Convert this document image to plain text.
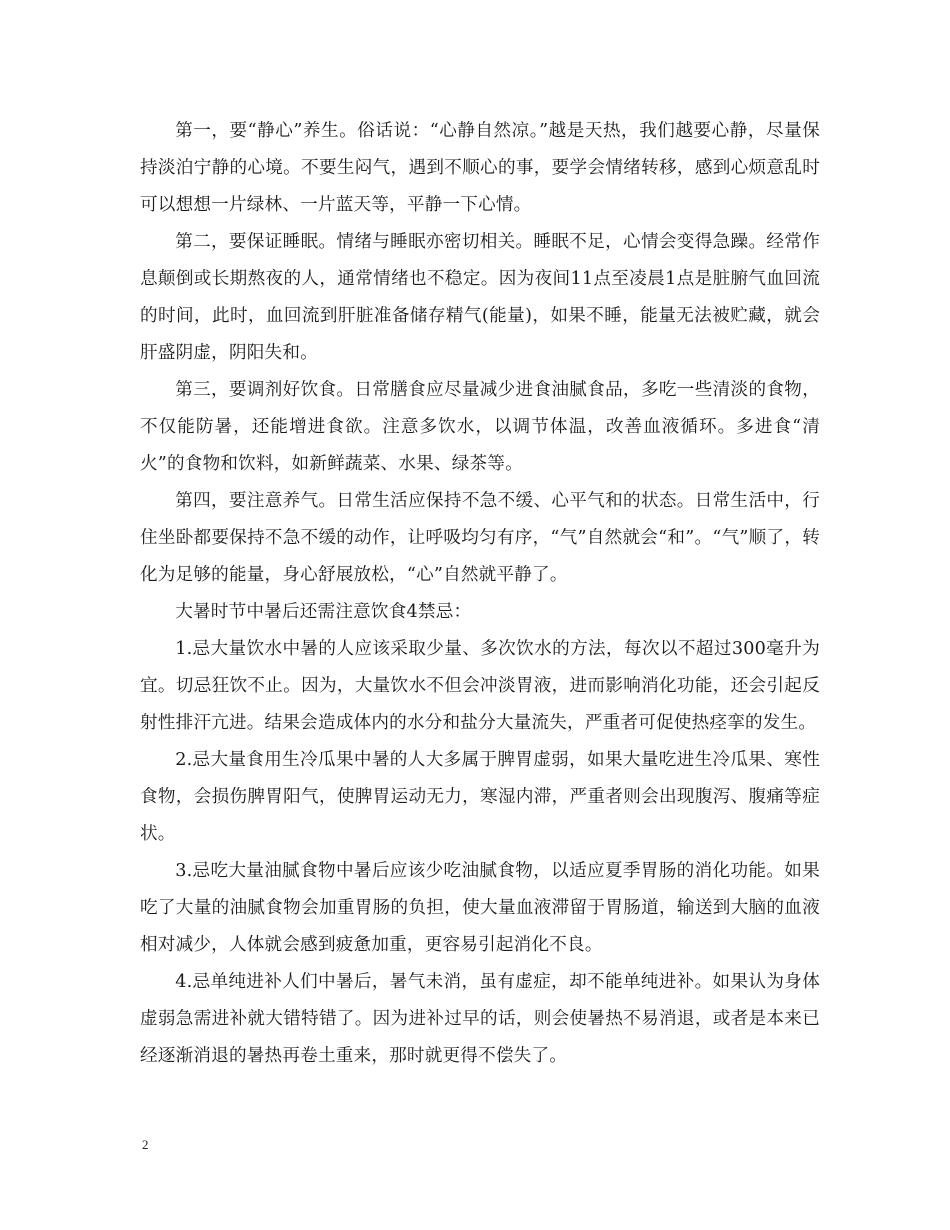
第一，要“静心”养生。俗话说：“心静自然凉。”越是天热，我们越要心静，尽量保持淡泊宁静的心境。不要生闷气，遇到不顺心的事，要学会情绪转移，感到心烦意乱时可以想想一片绿林、一片蓝天等，平静一下心情。

第二，要保证睡眠。情绪与睡眠亦密切相关。睡眠不足，心情会变得急躁。经常作息颠倒或长期熬夜的人，通常情绪也不稳定。因为夜间11点至凌晨1点是脏腑气血回流的时间，此时，血回流到肝脏准备储存精气(能量)，如果不睡，能量无法被贮藏，就会肝盛阴虚，阴阳失和。

第三，要调剂好饮食。日常膳食应尽量减少进食油腻食品，多吃一些清淡的食物，不仅能防暑，还能增进食欲。注意多饮水，以调节体温，改善血液循环。多进食“清火”的食物和饮料，如新鲜蔬菜、水果、绿茶等。

第四，要注意养气。日常生活应保持不急不缓、心平气和的状态。日常生活中，行住坐卧都要保持不急不缓的动作，让呼吸均匀有序，“气”自然就会“和”。“气”顺了，转化为足够的能量，身心舒展放松，“心”自然就平静了。

大暑时节中暑后还需注意饮食4禁忌：

1.忌大量饮水中暑的人应该采取少量、多次饮水的方法，每次以不超过300毫升为宜。切忌狂饮不止。因为，大量饮水不但会冲淡胃液，进而影响消化功能，还会引起反射性排汗亢进。结果会造成体内的水分和盐分大量流失，严重者可促使热痉挛的发生。

2.忌大量食用生冷瓜果中暑的人大多属于脾胃虚弱，如果大量吃进生冷瓜果、寒性食物，会损伤脾胃阳气，使脾胃运动无力，寒湿内滞，严重者则会出现腹泻、腹痛等症状。

3.忌吃大量油腻食物中暑后应该少吃油腻食物，以适应夏季胃肠的消化功能。如果吃了大量的油腻食物会加重胃肠的负担，使大量血液滞留于胃肠道，输送到大脑的血液相对减少，人体就会感到疲惫加重，更容易引起消化不良。

4.忌单纯进补人们中暑后，暑气未消，虽有虚症，却不能单纯进补。如果认为身体虚弱急需进补就大错特错了。因为进补过早的话，则会使暑热不易消退，或者是本来已经逐渐消退的暑热再卷土重来，那时就更得不偿失了。

2
